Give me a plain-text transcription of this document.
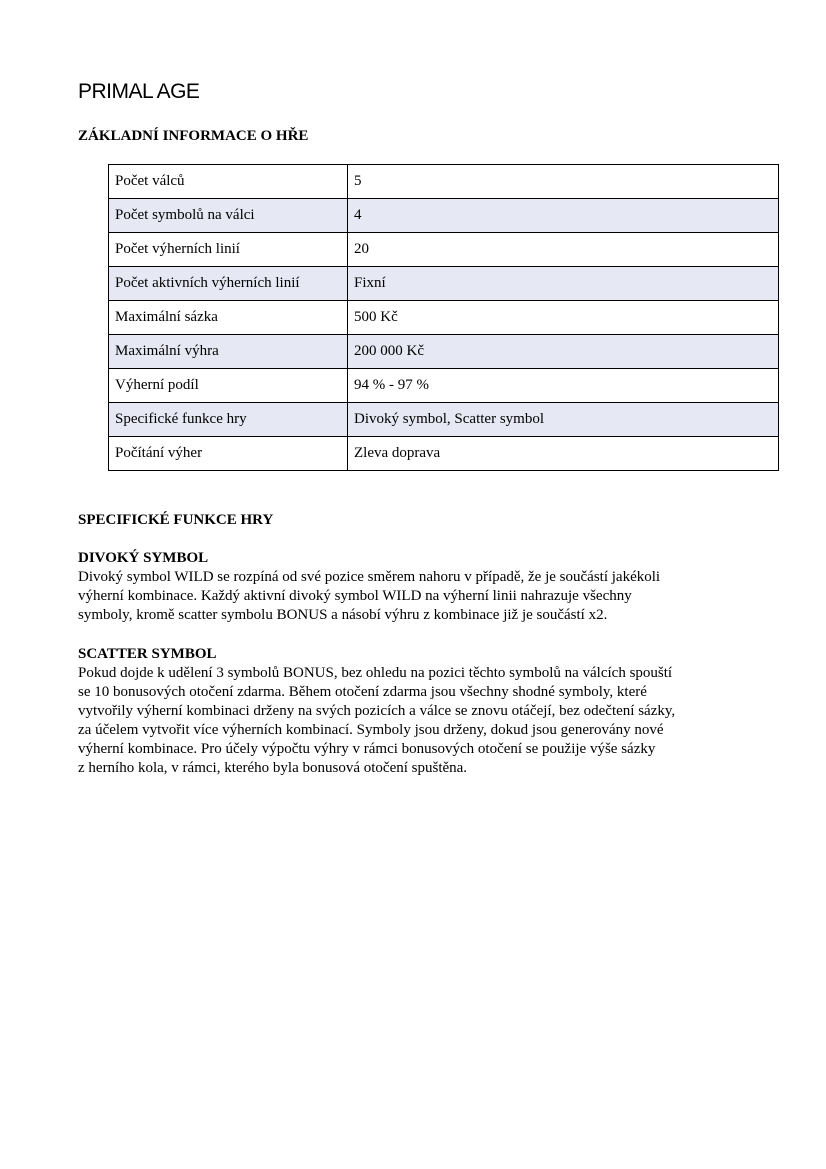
PRIMAL AGE
ZÁKLADNÍ INFORMACE O HŘE
Počet válců	5
Počet symbolů na válci	4
Počet výherních linií	20
Počet aktivních výherních linií	Fixní
Maximální sázka	500 Kč
Maximální výhra	200 000 Kč
Výherní podíl	94 % - 97 %
Specifické funkce hry	Divoký symbol, Scatter symbol
Počítání výher	Zleva doprava
SPECIFICKÉ FUNKCE HRY
DIVOKÝ SYMBOL
Divoký symbol WILD se rozpíná od své pozice směrem nahoru v případě, že je součástí jakékoli
výherní kombinace. Každý aktivní divoký symbol WILD na výherní linii nahrazuje všechny
symboly, kromě scatter symbolu BONUS a násobí výhru z kombinace již je součástí x2.
SCATTER SYMBOL
Pokud dojde k udělení 3 symbolů BONUS, bez ohledu na pozici těchto symbolů na válcích spouští
se 10 bonusových otočení zdarma. Během otočení zdarma jsou všechny shodné symboly, které
vytvořily výherní kombinaci drženy na svých pozicích a válce se znovu otáčejí, bez odečtení sázky,
za účelem vytvořit více výherních kombinací. Symboly jsou drženy, dokud jsou generovány nové
výherní kombinace. Pro účely výpočtu výhry v rámci bonusových otočení se použije výše sázky
z herního kola, v rámci, kterého byla bonusová otočení spuštěna.
